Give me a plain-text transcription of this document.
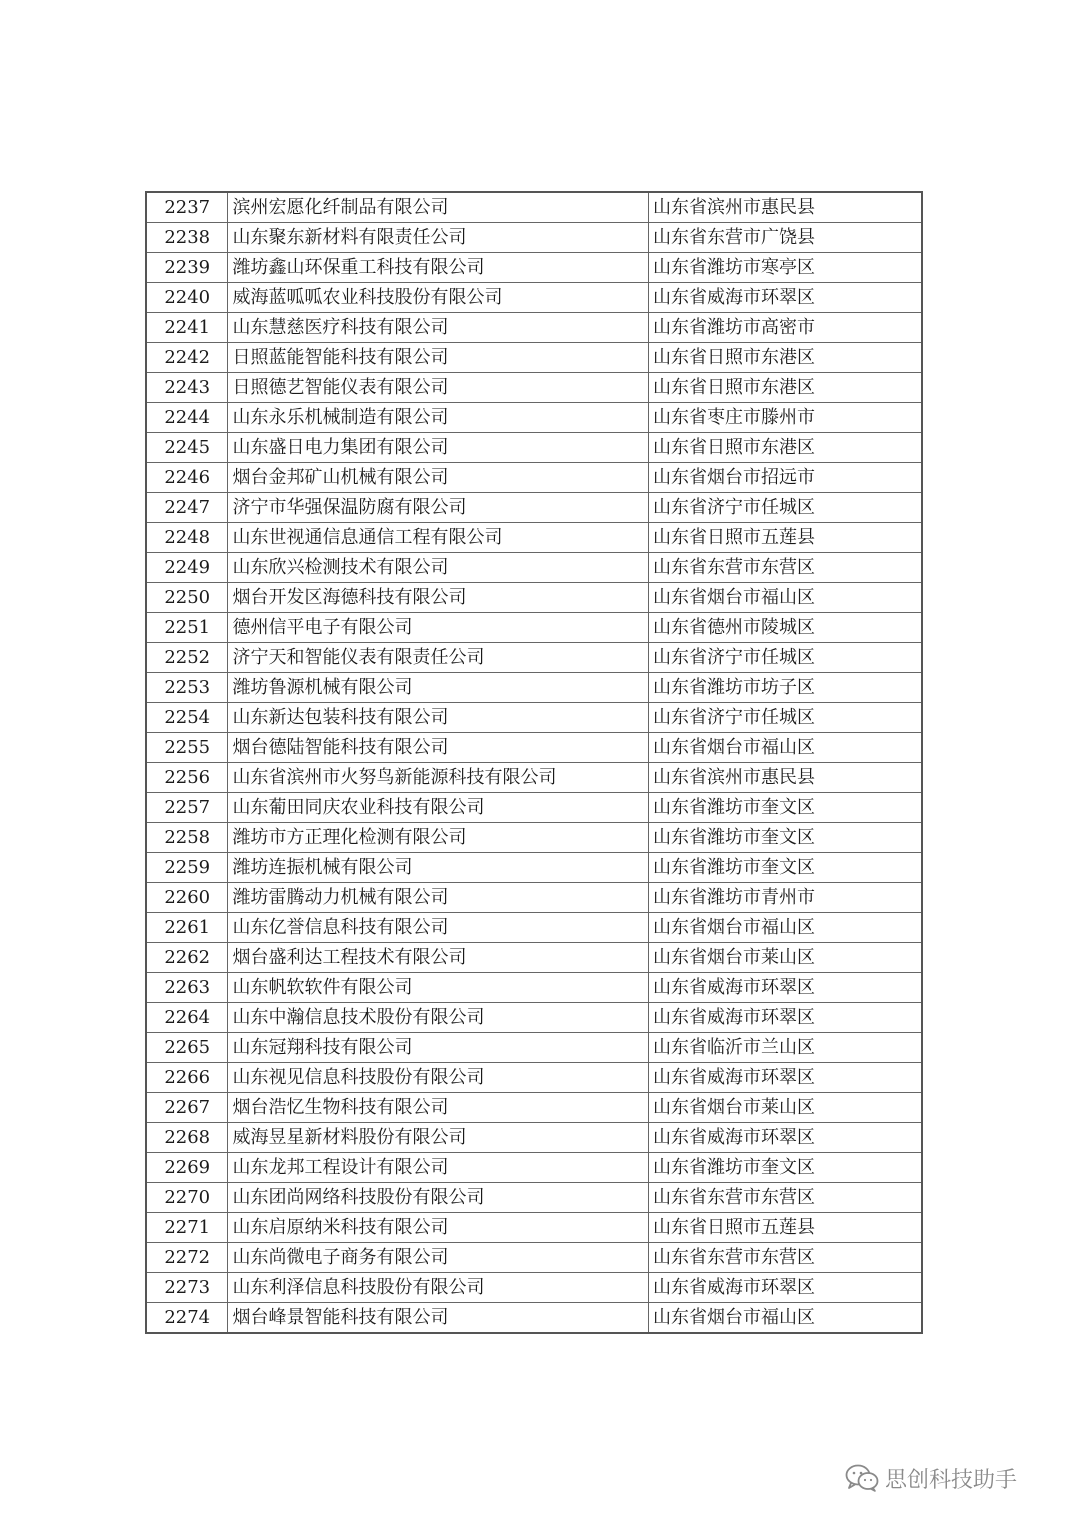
2237	滨州宏愿化纤制品有限公司	山东省滨州市惠民县
2238	山东聚东新材料有限责任公司	山东省东营市广饶县
2239	潍坊鑫山环保重工科技有限公司	山东省潍坊市寒亭区
2240	威海蓝呱呱农业科技股份有限公司	山东省威海市环翠区
2241	山东慧慈医疗科技有限公司	山东省潍坊市高密市
2242	日照蓝能智能科技有限公司	山东省日照市东港区
2243	日照德艺智能仪表有限公司	山东省日照市东港区
2244	山东永乐机械制造有限公司	山东省枣庄市滕州市
2245	山东盛日电力集团有限公司	山东省日照市东港区
2246	烟台金邦矿山机械有限公司	山东省烟台市招远市
2247	济宁市华强保温防腐有限公司	山东省济宁市任城区
2248	山东世视通信息通信工程有限公司	山东省日照市五莲县
2249	山东欣兴检测技术有限公司	山东省东营市东营区
2250	烟台开发区海德科技有限公司	山东省烟台市福山区
2251	德州信平电子有限公司	山东省德州市陵城区
2252	济宁天和智能仪表有限责任公司	山东省济宁市任城区
2253	潍坊鲁源机械有限公司	山东省潍坊市坊子区
2254	山东新达包装科技有限公司	山东省济宁市任城区
2255	烟台德陆智能科技有限公司	山东省烟台市福山区
2256	山东省滨州市火努鸟新能源科技有限公司	山东省滨州市惠民县
2257	山东葡田同庆农业科技有限公司	山东省潍坊市奎文区
2258	潍坊市方正理化检测有限公司	山东省潍坊市奎文区
2259	潍坊连振机械有限公司	山东省潍坊市奎文区
2260	潍坊雷腾动力机械有限公司	山东省潍坊市青州市
2261	山东亿誉信息科技有限公司	山东省烟台市福山区
2262	烟台盛利达工程技术有限公司	山东省烟台市莱山区
2263	山东帆软软件有限公司	山东省威海市环翠区
2264	山东中瀚信息技术股份有限公司	山东省威海市环翠区
2265	山东冠翔科技有限公司	山东省临沂市兰山区
2266	山东视见信息科技股份有限公司	山东省威海市环翠区
2267	烟台浩忆生物科技有限公司	山东省烟台市莱山区
2268	威海昱星新材料股份有限公司	山东省威海市环翠区
2269	山东龙邦工程设计有限公司	山东省潍坊市奎文区
2270	山东团尚网络科技股份有限公司	山东省东营市东营区
2271	山东启原纳米科技有限公司	山东省日照市五莲县
2272	山东尚微电子商务有限公司	山东省东营市东营区
2273	山东利泽信息科技股份有限公司	山东省威海市环翠区
2274	烟台峰景智能科技有限公司	山东省烟台市福山区
思创科技助手
